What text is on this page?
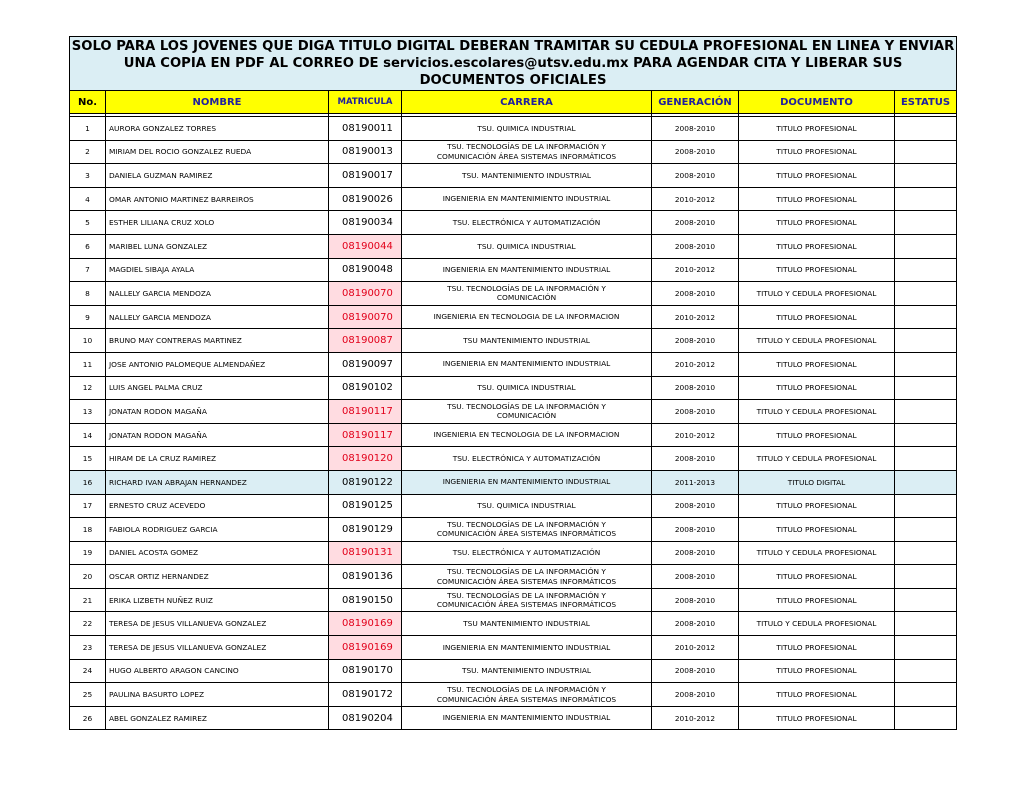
SOLO PARA LOS JOVENES QUE DIGA TITULO DIGITAL DEBERAN TRAMITAR SU CEDULA PROFESIONAL EN LINEA Y ENVIAR
UNA COPIA EN PDF AL CORREO DE servicios.escolares@utsv.edu.mx PARA AGENDAR CITA Y LIBERAR SUS
DOCUMENTOS OFICIALES						

No.	NOMBRE	MATRICULA	CARRERA	GENERACIÓN	DOCUMENTO	ESTATUS

1	AURORA GONZALEZ TORRES	08190011	TSU. QUIMICA INDUSTRIAL	2008-2010	TITULO PROFESIONAL	
2	MIRIAM DEL ROCIO GONZALEZ RUEDA	08190013	TSU. TECNOLOGÍAS DE LA INFORMACIÓN Y
COMUNICACIÓN ÁREA SISTEMAS INFORMÁTICOS	2008-2010	TITULO PROFESIONAL	
3	DANIELA GUZMAN RAMIREZ	08190017	TSU. MANTENIMIENTO INDUSTRIAL	2008-2010	TITULO PROFESIONAL	
4	OMAR ANTONIO MARTINEZ BARREIROS	08190026	INGENIERIA EN MANTENIMIENTO INDUSTRIAL	2010-2012	TITULO PROFESIONAL	
5	ESTHER LILIANA CRUZ XOLO	08190034	TSU. ELECTRÓNICA Y AUTOMATIZACIÓN	2008-2010	TITULO PROFESIONAL	
6	MARIBEL LUNA GONZALEZ	08190044	TSU. QUIMICA INDUSTRIAL	2008-2010	TITULO PROFESIONAL	
7	MAGDIEL SIBAJA AYALA	08190048	INGENIERIA EN MANTENIMIENTO INDUSTRIAL	2010-2012	TITULO PROFESIONAL	
8	NALLELY GARCIA MENDOZA	08190070	TSU. TECNOLOGÍAS DE LA INFORMACIÓN Y
COMUNICACIÓN	2008-2010	TITULO Y CEDULA PROFESIONAL	
9	NALLELY GARCIA MENDOZA	08190070	INGENIERIA EN TECNOLOGIA DE LA INFORMACION	2010-2012	TITULO PROFESIONAL	
10	BRUNO MAY CONTRERAS MARTINEZ	08190087	TSU MANTENIMIENTO INDUSTRIAL	2008-2010	TITULO Y CEDULA PROFESIONAL	
11	JOSE ANTONIO PALOMEQUE ALMENDAÑEZ	08190097	INGENIERIA EN MANTENIMIENTO INDUSTRIAL	2010-2012	TITULO PROFESIONAL	
12	LUIS ANGEL PALMA CRUZ	08190102	TSU. QUIMICA INDUSTRIAL	2008-2010	TITULO PROFESIONAL	
13	JONATAN RODON MAGAÑA	08190117	TSU. TECNOLOGÍAS DE LA INFORMACIÓN Y
COMUNICACIÓN	2008-2010	TITULO Y CEDULA PROFESIONAL	
14	JONATAN RODON MAGAÑA	08190117	INGENIERIA EN TECNOLOGIA DE LA INFORMACION	2010-2012	TITULO PROFESIONAL	
15	HIRAM DE LA CRUZ RAMIREZ	08190120	TSU. ELECTRÓNICA Y AUTOMATIZACIÓN	2008-2010	TITULO Y CEDULA PROFESIONAL	
16	RICHARD IVAN ABRAJAN HERNANDEZ	08190122	INGENIERIA EN MANTENIMIENTO INDUSTRIAL	2011-2013	TITULO DIGITAL	
17	ERNESTO CRUZ ACEVEDO	08190125	TSU. QUIMICA INDUSTRIAL	2008-2010	TITULO PROFESIONAL	
18	FABIOLA RODRIGUEZ GARCIA	08190129	TSU. TECNOLOGÍAS DE LA INFORMACIÓN Y
COMUNICACIÓN ÁREA SISTEMAS INFORMÁTICOS	2008-2010	TITULO PROFESIONAL	
19	DANIEL ACOSTA GOMEZ	08190131	TSU. ELECTRÓNICA Y AUTOMATIZACIÓN	2008-2010	TITULO Y CEDULA PROFESIONAL	
20	OSCAR ORTIZ HERNANDEZ	08190136	TSU. TECNOLOGÍAS DE LA INFORMACIÓN Y
COMUNICACIÓN ÁREA SISTEMAS INFORMÁTICOS	2008-2010	TITULO PROFESIONAL	
21	ERIKA LIZBETH NUÑEZ RUIZ	08190150	TSU. TECNOLOGÍAS DE LA INFORMACIÓN Y
COMUNICACIÓN ÁREA SISTEMAS INFORMÁTICOS	2008-2010	TITULO PROFESIONAL	
22	TERESA DE JESUS VILLANUEVA GONZALEZ	08190169	TSU MANTENIMIENTO INDUSTRIAL	2008-2010	TITULO Y CEDULA PROFESIONAL	
23	TERESA DE JESUS VILLANUEVA GONZALEZ	08190169	INGENIERIA EN MANTENIMIENTO INDUSTRIAL	2010-2012	TITULO PROFESIONAL	
24	HUGO ALBERTO ARAGON CANCINO	08190170	TSU. MANTENIMIENTO INDUSTRIAL	2008-2010	TITULO PROFESIONAL	
25	PAULINA BASURTO LOPEZ	08190172	TSU. TECNOLOGÍAS DE LA INFORMACIÓN Y
COMUNICACIÓN ÁREA SISTEMAS INFORMÁTICOS	2008-2010	TITULO PROFESIONAL	
26	ABEL GONZALEZ RAMIREZ	08190204	INGENIERIA EN MANTENIMIENTO INDUSTRIAL	2010-2012	TITULO PROFESIONAL	
